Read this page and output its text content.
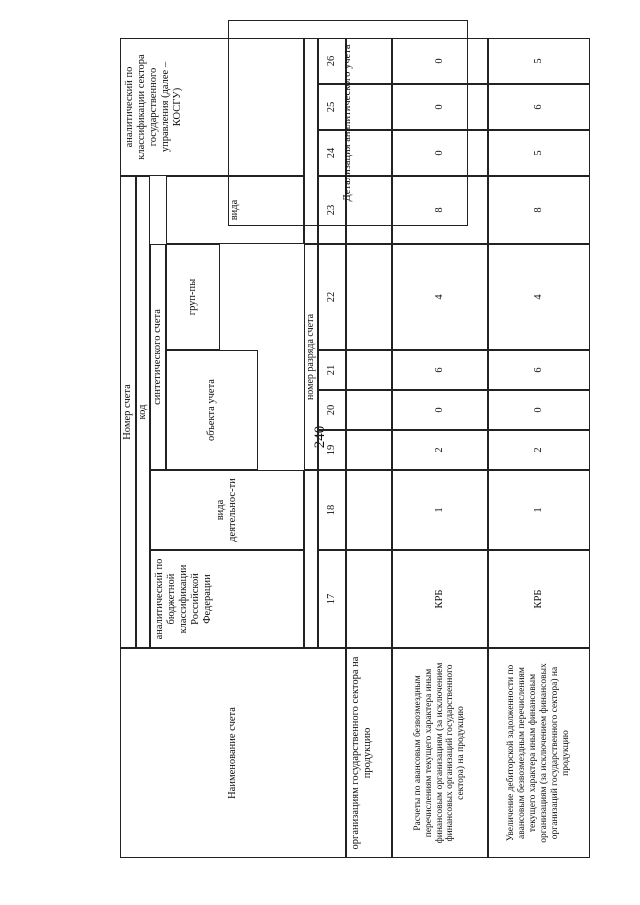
240
Наименование счета
Номер счета код
аналитический по бюджетной классификации Российской Федерации
вида деятельнос-ти
синтетического счета
объекта учета
груп-пы
вида
аналитический по классификации сектора государственного управления (далее – КОСГУ)
номер разряда счета
17
18
19
20
21
22
23
24
25
26
организациям государственного сектора на продукцию	Расчеты по авансовым безвозмездным перечислениям текущего характера иным финансовым организациям (за исключением финансовых организаций государственного сектора) на продукцию
КРБ
1
2
0
6
4
8
0
0
0
Увеличение дебиторской задолженности по авансовым безвозмездным перечислениям текущего характера иным финансовым организациям (за исключением финансовых организаций государственного сектора) на продукцию
КРБ
1
2
0
6
4
8
5
6
5
Детализация аналитического учета
